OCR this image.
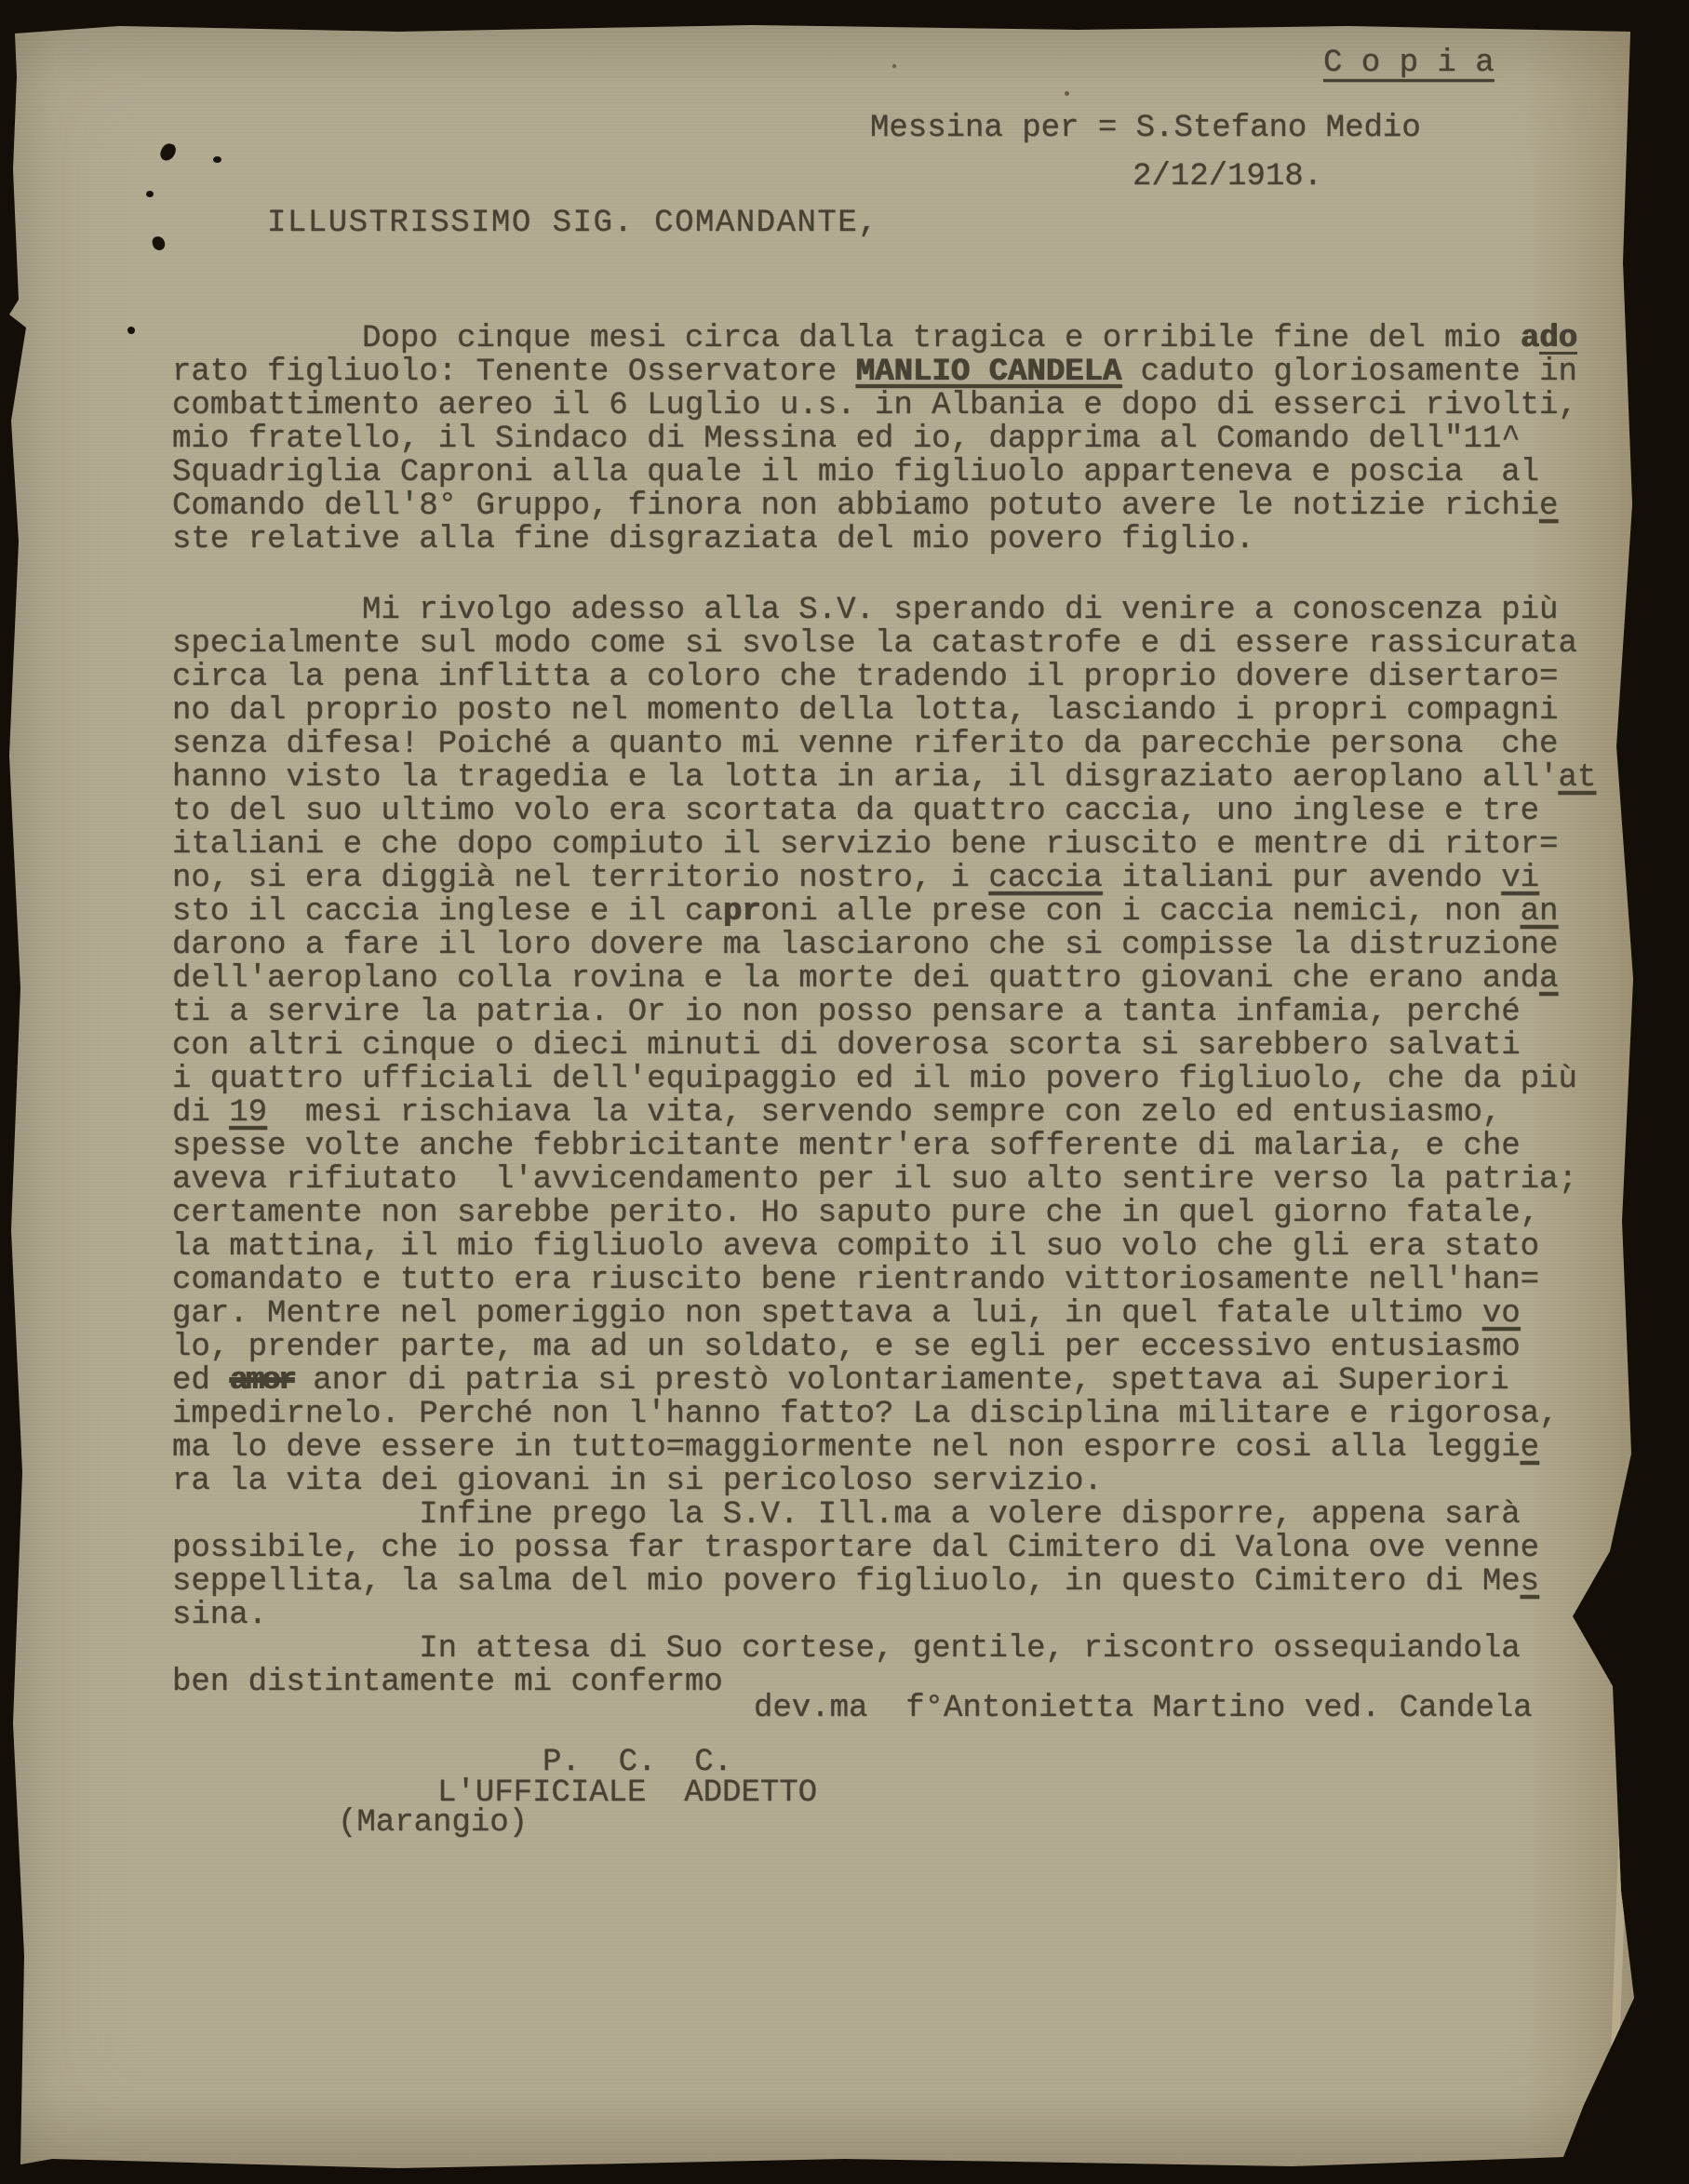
C o p i a
Messina per = S.Stefano Medio
2/12/1918.
ILLUSTRISSIMO SIG. COMANDANTE,
Dopo cinque mesi circa dalla tragica e orribile fine del mio ado
rato figliuolo: Tenente Osservatore MANLIO CANDELA caduto gloriosamente in
combattimento aereo il 6 Luglio u.s. in Albania e dopo di esserci rivolti,
mio fratello, il Sindaco di Messina ed io, dapprima al Comando dell"11^
Squadriglia Caproni alla quale il mio figliuolo apparteneva e poscia  al
Comando dell'8° Gruppo, finora non abbiamo potuto avere le notizie richie
ste relative alla fine disgraziata del mio povero figlio.
Mi rivolgo adesso alla S.V. sperando di venire a conoscenza più
specialmente sul modo come si svolse la catastrofe e di essere rassicurata
circa la pena inflitta a coloro che tradendo il proprio dovere disertaro=
no dal proprio posto nel momento della lotta, lasciando i propri compagni
senza difesa! Poiché a quanto mi venne riferito da parecchie persona  che
hanno visto la tragedia e la lotta in aria, il disgraziato aeroplano all'at
to del suo ultimo volo era scortata da quattro caccia, uno inglese e tre
italiani e che dopo compiuto il servizio bene riuscito e mentre di ritor=
no, si era diggià nel territorio nostro, i caccia italiani pur avendo vi
sto il caccia inglese e il caproni alle prese con i caccia nemici, non an
darono a fare il loro dovere ma lasciarono che si compisse la distruzione
dell'aeroplano colla rovina e la morte dei quattro giovani che erano anda
ti a servire la patria. Or io non posso pensare a tanta infamia, perché
con altri cinque o dieci minuti di doverosa scorta si sarebbero salvati
i quattro ufficiali dell'equipaggio ed il mio povero figliuolo, che da più
di 19  mesi rischiava la vita, servendo sempre con zelo ed entusiasmo,
spesse volte anche febbricitante mentr'era sofferente di malaria, e che
aveva rifiutato  l'avvicendamento per il suo alto sentire verso la patria;
certamente non sarebbe perito. Ho saputo pure che in quel giorno fatale,
la mattina, il mio figliuolo aveva compito il suo volo che gli era stato
comandato e tutto era riuscito bene rientrando vittoriosamente nell'han=
gar. Mentre nel pomeriggio non spettava a lui, in quel fatale ultimo vo
lo, prender parte, ma ad un soldato, e se egli per eccessivo entusiasmo
ed amor anor di patria si prestò volontariamente, spettava ai Superiori
impedirnelo. Perché non l'hanno fatto? La disciplina militare e rigorosa,
ma lo deve essere in tutto=maggiormente nel non esporre cosi alla leggie
ra la vita dei giovani in si pericoloso servizio.
Infine prego la S.V. Ill.ma a volere disporre, appena sarà
possibile, che io possa far trasportare dal Cimitero di Valona ove venne
seppellita, la salma del mio povero figliuolo, in questo Cimitero di Mes
sina.
In attesa di Suo cortese, gentile, riscontro ossequiandola
ben distintamente mi confermo
dev.ma  f°Antonietta Martino ved. Candela
P.  C.  C.
L'UFFICIALE  ADDETTO
(Marangio)
